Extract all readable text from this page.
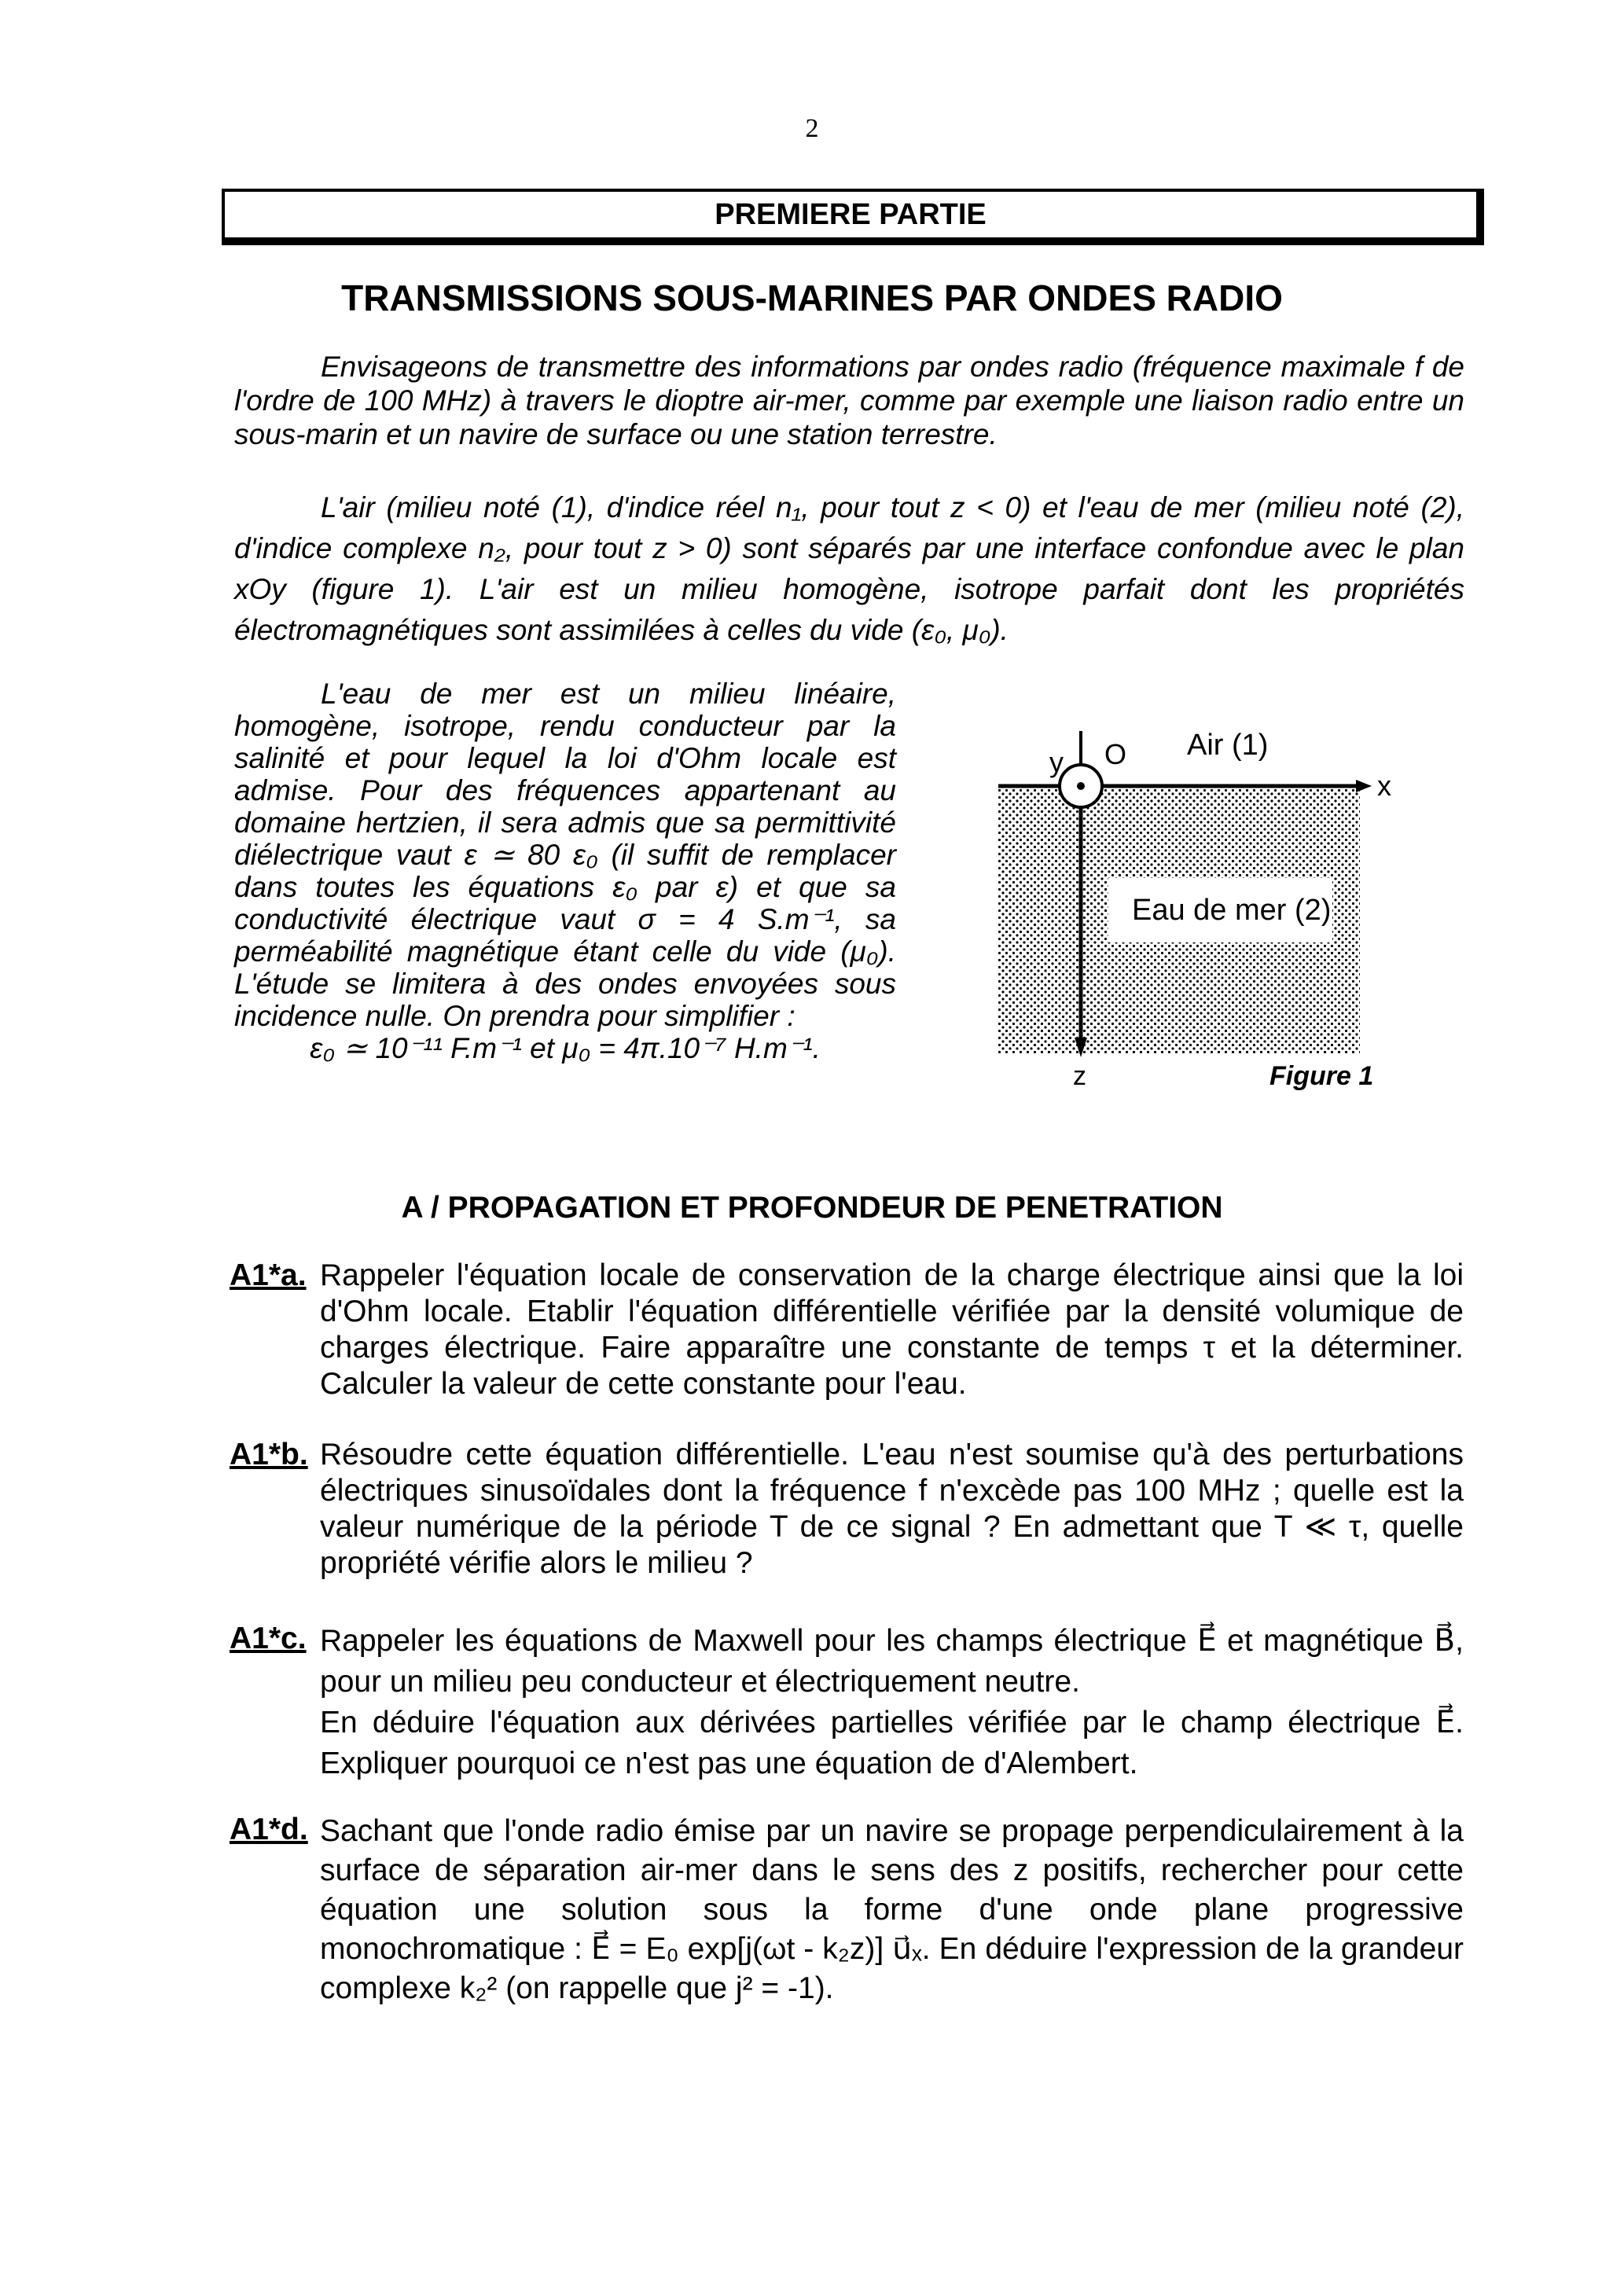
2
PREMIERE PARTIE
TRANSMISSIONS SOUS-MARINES PAR ONDES RADIO

Envisageons de transmettre des informations par ondes radio (fréquence maximale f de l'ordre de 100 MHz) à travers le dioptre air-mer, comme par exemple une liaison radio entre un sous-marin et un navire de surface ou une station terrestre.

L'air (milieu noté (1), d'indice réel n₁, pour tout z < 0) et l'eau de mer (milieu noté (2), d'indice complexe n₂, pour tout z > 0) sont séparés par une interface confondue avec le plan xOy (figure 1). L'air est un milieu homogène, isotrope parfait dont les propriétés électromagnétiques sont assimilées à celles du vide (ε₀, μ₀).

L'eau de mer est un milieu linéaire, homogène, isotrope, rendu conducteur par la salinité et pour lequel la loi d'Ohm locale est admise. Pour des fréquences appartenant au domaine hertzien, il sera admis que sa permittivité diélectrique vaut ε ≃ 80 ε₀ (il suffit de remplacer dans toutes les équations ε₀ par ε) et que sa conductivité électrique vaut σ = 4 S.m⁻¹, sa perméabilité magnétique étant celle du vide (μ₀). L'étude se limitera à des ondes envoyées sous incidence nulle. On prendra pour simplifier :

ε₀ ≃ 10⁻¹¹ F.m⁻¹ et μ₀ = 4π.10⁻⁷ H.m⁻¹.

Air (1)
Eau de mer (2)
O
y
x
z	Figure 1
A / PROPAGATION ET PROFONDEUR DE PENETRATION
A1*a. Rappeler l'équation locale de conservation de la charge électrique ainsi que la loi d'Ohm locale. Etablir l'équation différentielle vérifiée par la densité volumique de charges électrique. Faire apparaître une constante de temps τ et la déterminer. Calculer la valeur de cette constante pour l'eau.

A1*b. Résoudre cette équation différentielle. L'eau n'est soumise qu'à des perturbations électriques sinusoïdales dont la fréquence f n'excède pas 100 MHz ; quelle est la valeur numérique de la période T de ce signal ? En admettant que T ≪ τ, quelle propriété vérifie alors le milieu ?

A1*c. Rappeler les équations de Maxwell pour les champs électrique E⃗ et magnétique B⃗, pour un milieu peu conducteur et électriquement neutre.

En déduire l'équation aux dérivées partielles vérifiée par le champ électrique E⃗. Expliquer pourquoi ce n'est pas une équation de d'Alembert.

A1*d. Sachant que l'onde radio émise par un navire se propage perpendiculairement à la surface de séparation air-mer dans le sens des z positifs, rechercher pour cette équation une solution sous la forme d'une onde plane progressive monochromatique : E⃗ = E₀ exp[j(ωt - k₂z)] u⃗ₓ. En déduire l'expression de la grandeur complexe k₂² (on rappelle que j² = -1).
